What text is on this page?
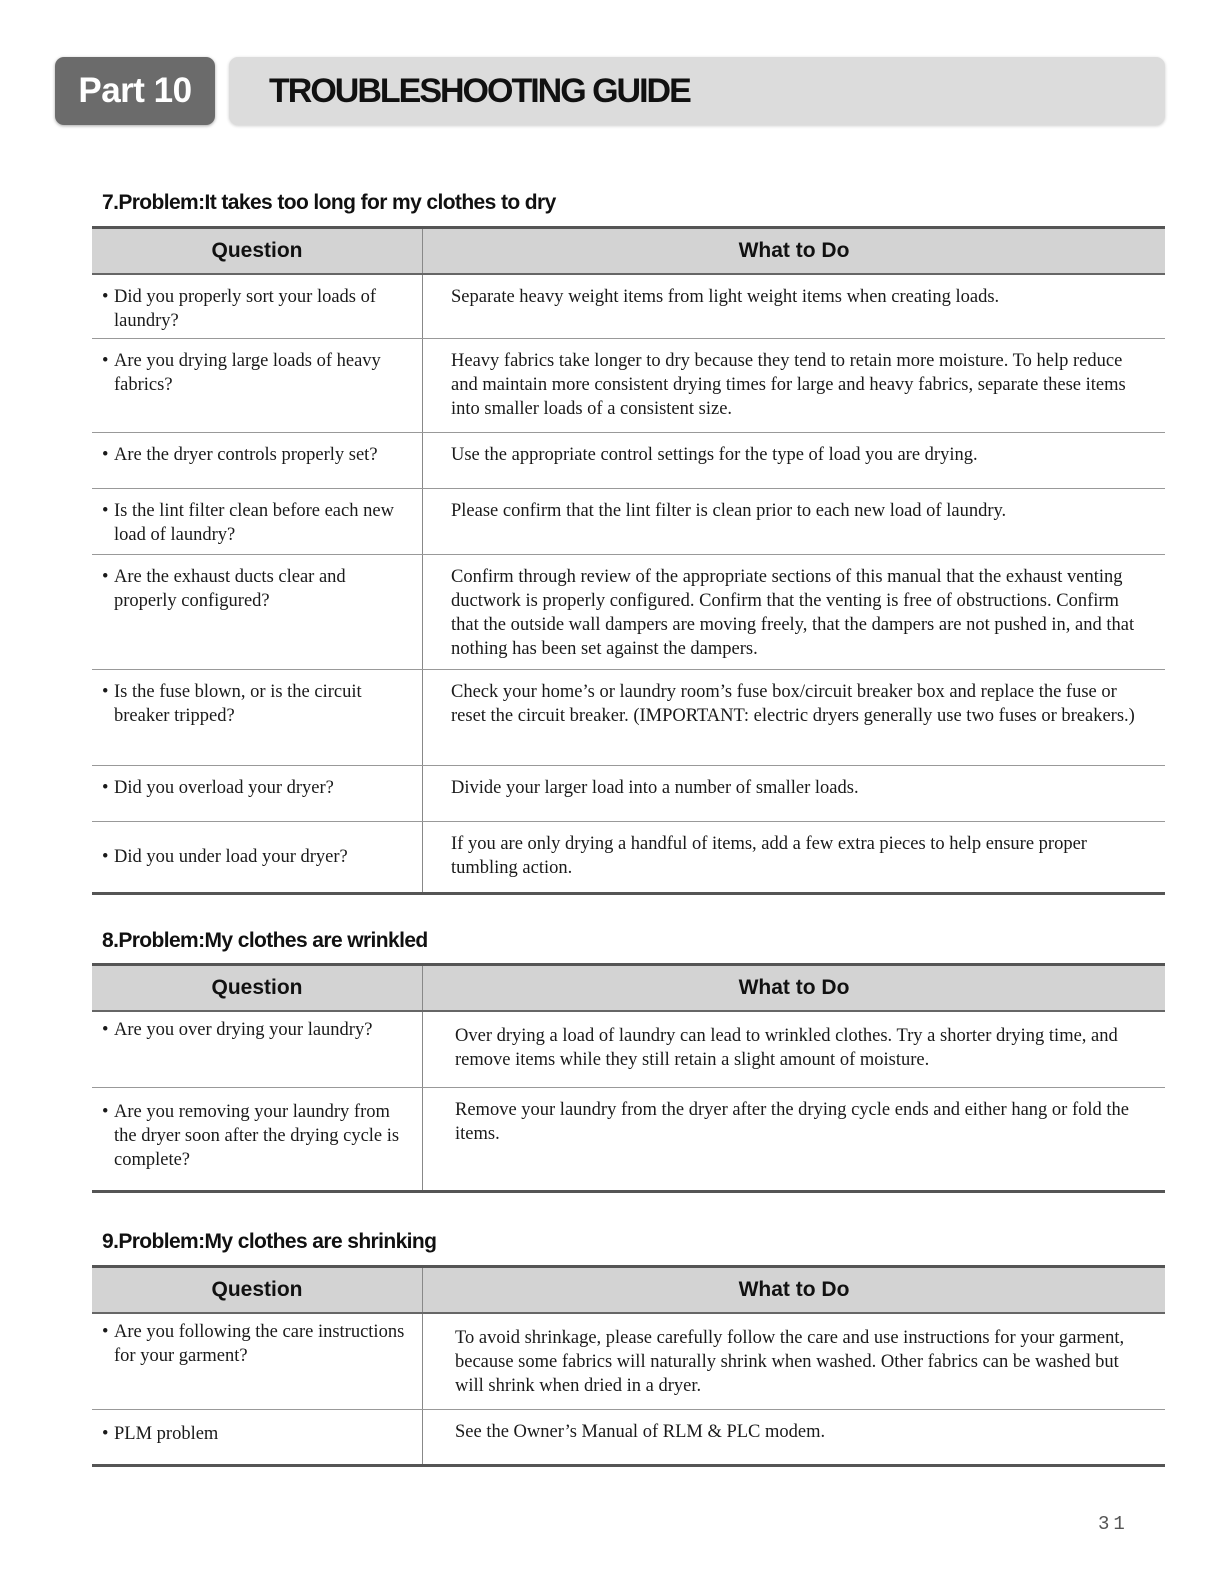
Part 10	TROUBLESHOOTING GUIDE
7.Problem:It takes too long for my clothes to dry
Question	What to Do

• Did you properly sort your loads of laundry?	Separate heavy weight items from light weight items when creating loads.

• Are you drying large loads of heavy fabrics?	Heavy fabrics take longer to dry because they tend to retain more moisture. To help reduce and maintain more consistent drying times for large and heavy fabrics, separate these items into smaller loads of a consistent size.

• Are the dryer controls properly set?	Use the appropriate control settings for the type of load you are drying.

• Is the lint filter clean before each new load of laundry?	Please confirm that the lint filter is clean prior to each new load of laundry.

• Are the exhaust ducts clear and properly configured?	Confirm through review of the appropriate sections of this manual that the exhaust venting ductwork is properly configured. Confirm that the venting is free of obstructions. Confirm that the outside wall dampers are moving freely, that the dampers are not pushed in, and that nothing has been set against the dampers.

• Is the fuse blown, or is the circuit breaker tripped?	Check your home’s or laundry room’s fuse box/circuit breaker box and replace the fuse or reset the circuit breaker. (IMPORTANT: electric dryers generally use two fuses or breakers.)

• Did you overload your dryer?	Divide your larger load into a number of smaller loads.

• Did you under load your dryer?	If you are only drying a handful of items, add a few extra pieces to help ensure proper tumbling action.
8.Problem:My clothes are wrinkled
Question	What to Do

• Are you over drying your laundry?	Over drying a load of laundry can lead to wrinkled clothes. Try a shorter drying time, and remove items while they still retain a slight amount of moisture.

• Are you removing your laundry from the dryer soon after the drying cycle is complete?	Remove your laundry from the dryer after the drying cycle ends and either hang or fold the items.
9.Problem:My clothes are shrinking
Question	What to Do

• Are you following the care instructions for your garment?	To avoid shrinkage, please carefully follow the care and use instructions for your garment, because some fabrics will naturally shrink when washed. Other fabrics can be washed but will shrink when dried in a dryer.

• PLM problem	See the Owner’s Manual of RLM & PLC modem.
31
